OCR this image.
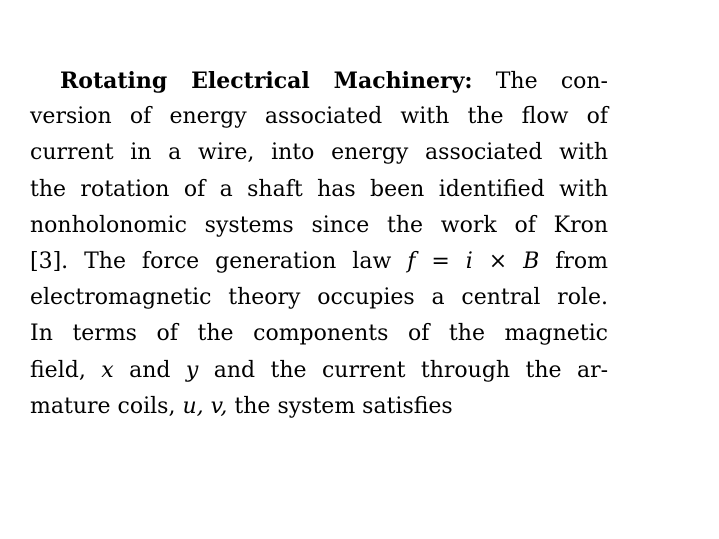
Rotating Electrical Machinery: The con-
version of energy associated with the flow of
current in a wire, into energy associated with
the rotation of a shaft has been identified with
nonholonomic systems since the work of Kron
[3]. The force generation law f = i × B from
electromagnetic theory occupies a central role.
In terms of the components of the magnetic
field, x and y and the current through the ar-
mature coils, u, v, the system satisfies
